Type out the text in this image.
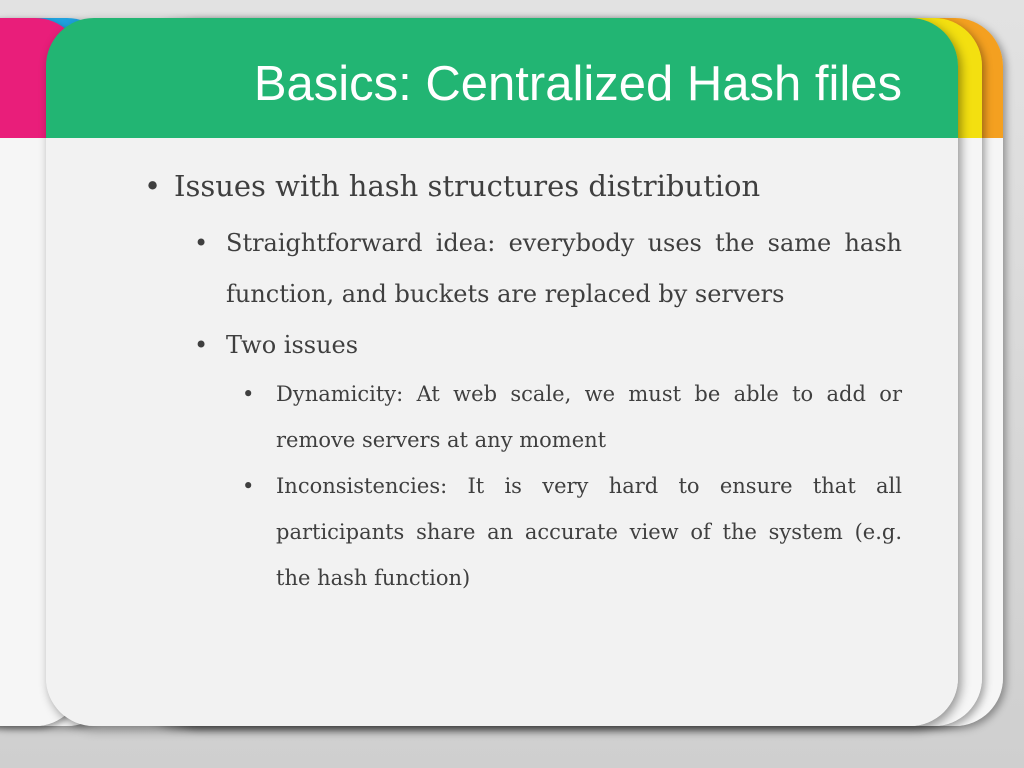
Basics: Centralized Hash files
• Issues with hash structures distribution
• Straightforward idea: everybody uses the same hash function, and buckets are replaced by servers
• Two issues
• Dynamicity: At web scale, we must be able to add or remove servers at any moment
• Inconsistencies: It is very hard to ensure that all participants share an accurate view of the system (e.g. the hash function)
